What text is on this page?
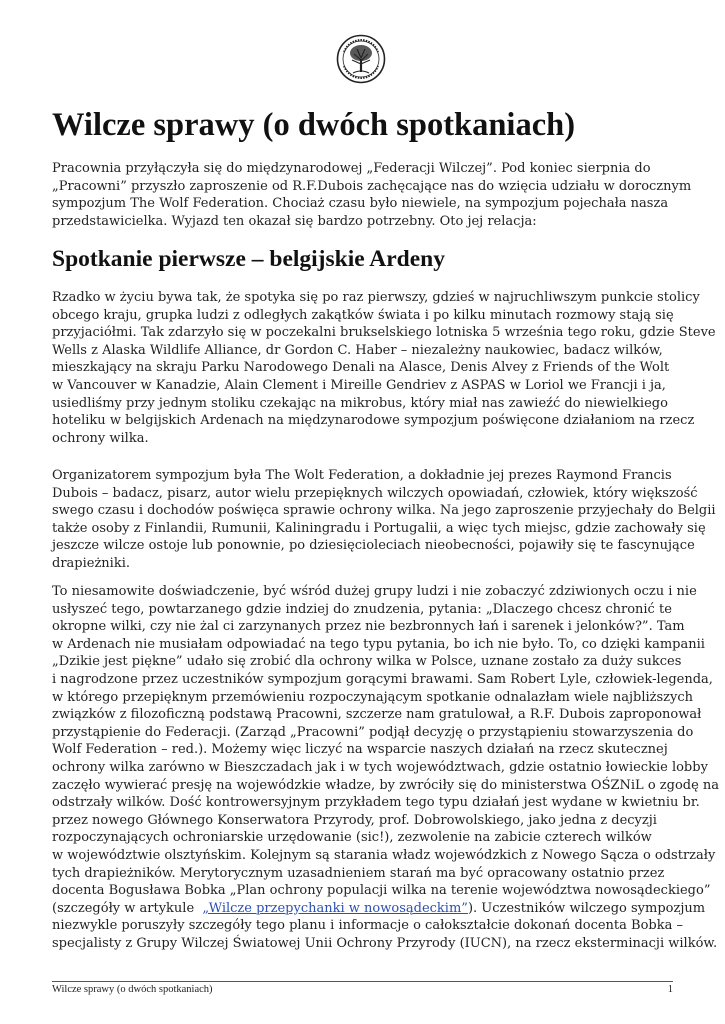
Wilcze sprawy (o dwóch spotkaniach)
Pracownia przyłączyła się do międzynarodowej „Federacji Wilczej”. Pod koniec sierpnia do
„Pracowni” przyszło zaproszenie od R.F.Dubois zachęcające nas do wzięcia udziału w dorocznym
sympozjum The Wolf Federation. Chociaż czasu było niewiele, na sympozjum pojechała nasza
przedstawicielka. Wyjazd ten okazał się bardzo potrzebny. Oto jej relacja:
Spotkanie pierwsze – belgijskie Ardeny
Rzadko w życiu bywa tak, że spotyka się po raz pierwszy, gdzieś w najruchliwszym punkcie stolicy
obcego kraju, grupka ludzi z odległych zakątków świata i po kilku minutach rozmowy stają się
przyjaciółmi. Tak zdarzyło się w poczekalni brukselskiego lotniska 5 września tego roku, gdzie Steve
Wells z Alaska Wildlife Alliance, dr Gordon C. Haber – niezależny naukowiec, badacz wilków,
mieszkający na skraju Parku Narodowego Denali na Alasce, Denis Alvey z Friends of the Wolt
w Vancouver w Kanadzie, Alain Clement i Mireille Gendriev z ASPAS w Loriol we Francji i ja,
usiedliśmy przy jednym stoliku czekając na mikrobus, który miał nas zawieźć do niewielkiego
hoteliku w belgijskich Ardenach na międzynarodowe sympozjum poświęcone działaniom na rzecz
ochrony wilka.
Organizatorem sympozjum była The Wolt Federation, a dokładnie jej prezes Raymond Francis
Dubois – badacz, pisarz, autor wielu przepięknych wilczych opowiadań, człowiek, który większość
swego czasu i dochodów poświęca sprawie ochrony wilka. Na jego zaproszenie przyjechały do Belgii
także osoby z Finlandii, Rumunii, Kaliningradu i Portugalii, a więc tych miejsc, gdzie zachowały się
jeszcze wilcze ostoje lub ponownie, po dziesięcioleciach nieobecności, pojawiły się te fascynujące
drapieżniki.
To niesamowite doświadczenie, być wśród dużej grupy ludzi i nie zobaczyć zdziwionych oczu i nie
usłyszeć tego, powtarzanego gdzie indziej do znudzenia, pytania: „Dlaczego chcesz chronić te
okropne wilki, czy nie żal ci zarzynanych przez nie bezbronnych łań i sarenek i jelonków?”. Tam
w Ardenach nie musiałam odpowiadać na tego typu pytania, bo ich nie było. To, co dzięki kampanii
„Dzikie jest piękne” udało się zrobić dla ochrony wilka w Polsce, uznane zostało za duży sukces
i nagrodzone przez uczestników sympozjum gorącymi brawami. Sam Robert Lyle, człowiek-legenda,
w którego przepięknym przemówieniu rozpoczynającym spotkanie odnalazłam wiele najbliższych
związków z filozoficzną podstawą Pracowni, szczerze nam gratulował, a R.F. Dubois zaproponował
przystąpienie do Federacji. (Zarząd „Pracowni” podjął decyzję o przystąpieniu stowarzyszenia do
Wolf Federation – red.). Możemy więc liczyć na wsparcie naszych działań na rzecz skutecznej
ochrony wilka zarówno w Bieszczadach jak i w tych województwach, gdzie ostatnio łowieckie lobby
zaczęło wywierać presję na wojewódzkie władze, by zwróciły się do ministerstwa OŚZNiL o zgodę na
odstrzały wilków. Dość kontrowersyjnym przykładem tego typu działań jest wydane w kwietniu br.
przez nowego Głównego Konserwatora Przyrody, prof. Dobrowolskiego, jako jedna z decyzji
rozpoczynających ochroniarskie urzędowanie (sic!), zezwolenie na zabicie czterech wilków
w województwie olsztyńskim. Kolejnym są starania władz wojewódzkich z Nowego Sącza o odstrzały
tych drapieżników. Merytorycznym uzasadnieniem starań ma być opracowany ostatnio przez
docenta Bogusława Bobka „Plan ochrony populacji wilka na terenie województwa nowosądeckiego”
(szczegóły w artykule  „Wilcze przepychanki w nowosądeckim”). Uczestników wilczego sympozjum
niezwykle poruszyły szczegóły tego planu i informacje o całokształcie dokonań docenta Bobka –
specjalisty z Grupy Wilczej Światowej Unii Ochrony Przyrody (IUCN), na rzecz eksterminacji wilków.
Wilcze sprawy (o dwóch spotkaniach)	1
